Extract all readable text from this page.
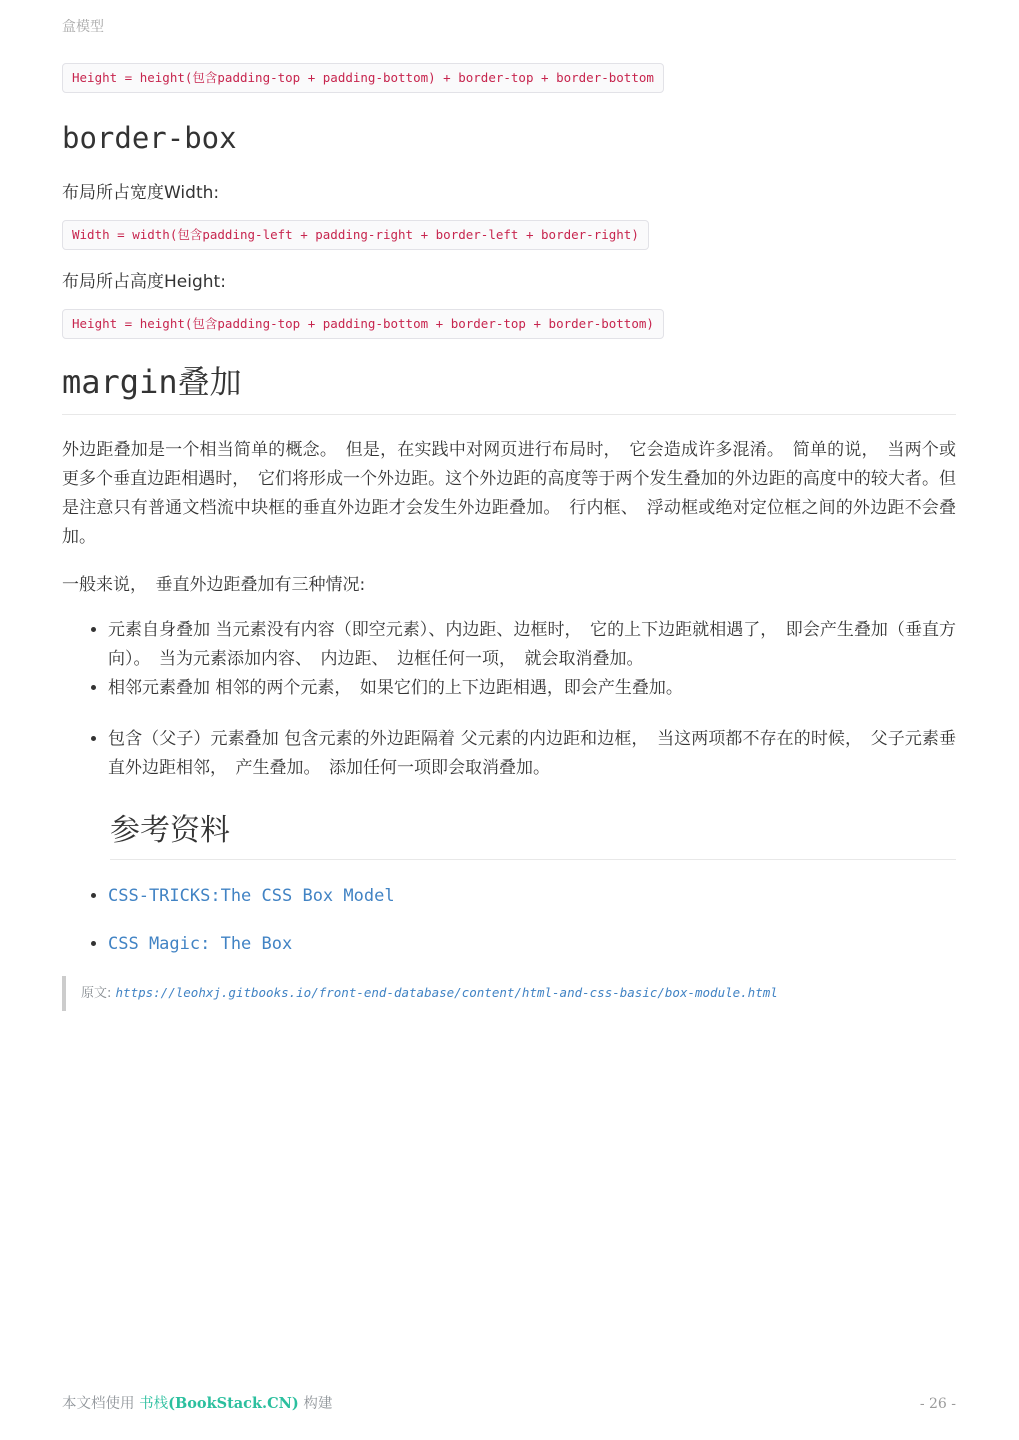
盒模型
Height = height(包含padding-top + padding-bottom) + border-top + border-bottom
border-box

布局所占宽度Width:

Width = width(包含padding-left + padding-right + border-left + border-right)

布局所占高度Height:

Height = height(包含padding-top + padding-bottom + border-top + border-bottom)
margin叠加

外边距叠加是一个相当简单的概念。　但是，在实践中对网页进行布局时，　它会造成许多混淆。　简单的说，　当两个或更多个垂直边距相遇时，　它们将形成一个外边距。这个外边距的高度等于两个发生叠加的外边距的高度中的较大者。但是注意只有普通文档流中块框的垂直外边距才会发生外边距叠加。　行内框、　浮动框或绝对定位框之间的外边距不会叠加。

一般来说，　垂直外边距叠加有三种情况:

• 元素自身叠加 当元素没有内容（即空元素）、内边距、边框时，　它的上下边距就相遇了，　即会产生叠加（垂直方向）。　当为元素添加内容、　内边距、　边框任何一项，　就会取消叠加。
• 相邻元素叠加 相邻的两个元素，　如果它们的上下边距相遇，即会产生叠加。
• 包含（父子）元素叠加 包含元素的外边距隔着 父元素的内边距和边框，　当这两项都不存在的时候，　父子元素垂直外边距相邻，　产生叠加。　添加任何一项即会取消叠加。
参考资料
• CSS-TRICKS:The CSS Box Model
• CSS Magic: The Box
原文: https://leohxj.gitbooks.io/front-end-database/content/html-and-css-basic/box-module.html
本文档使用 书栈(BookStack.CN) 构建	- 26 -
